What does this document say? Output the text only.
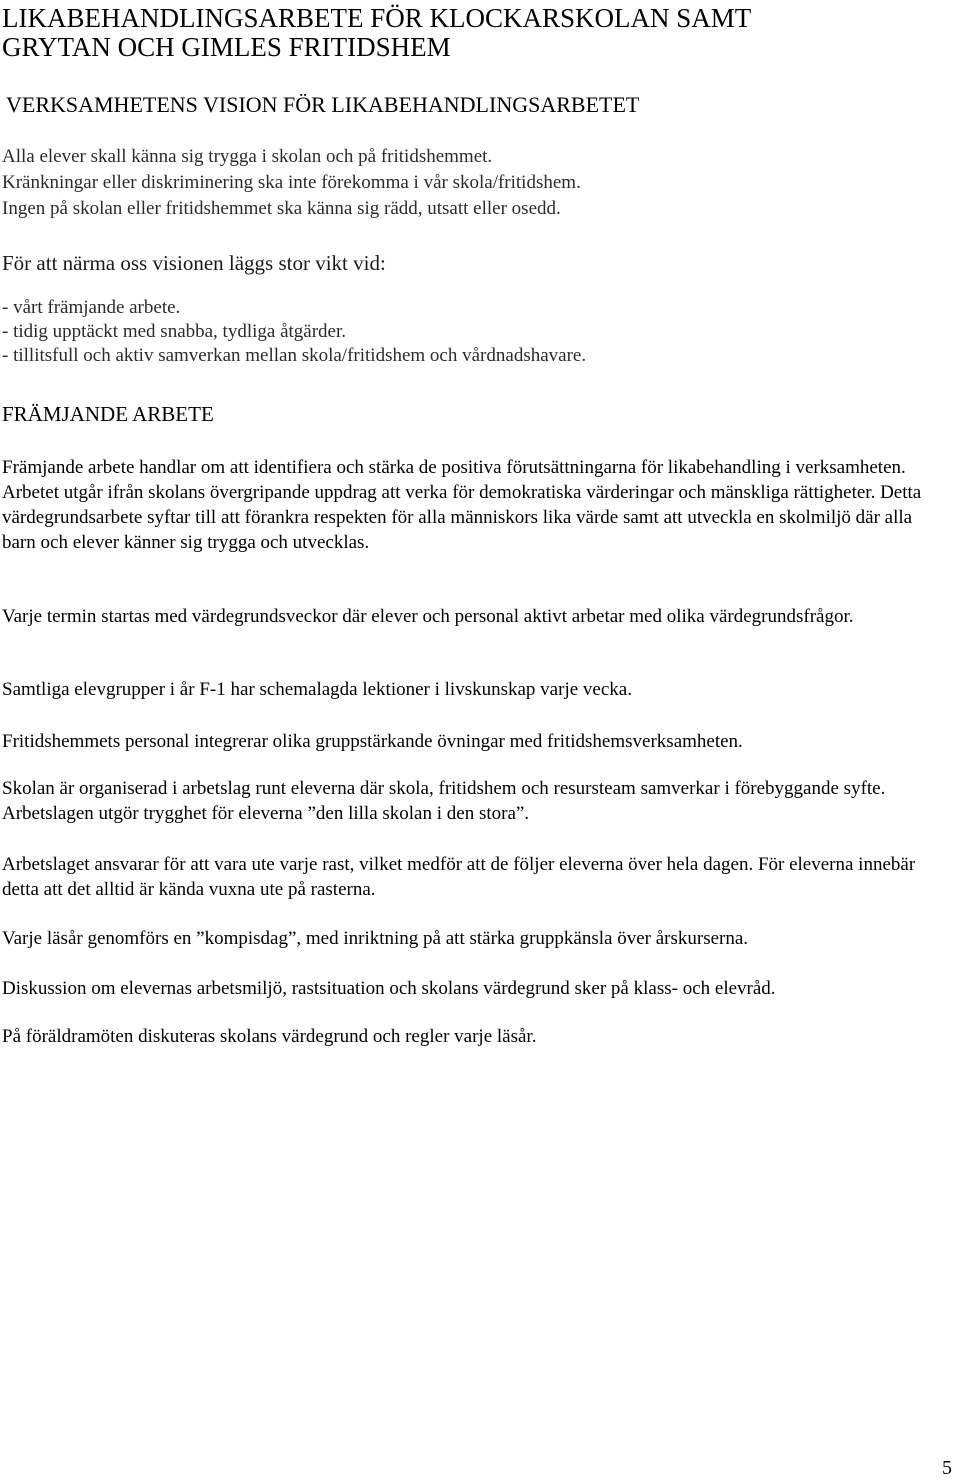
LIKABEHANDLINGSARBETE FÖR KLOCKARSKOLAN SAMT
GRYTAN OCH GIMLES FRITIDSHEM
VERKSAMHETENS VISION FÖR LIKABEHANDLINGSARBETET
Alla elever skall känna sig trygga i skolan och på fritidshemmet.
Kränkningar eller diskriminering ska inte förekomma i vår skola/fritidshem.
Ingen på skolan eller fritidshemmet ska känna sig rädd, utsatt eller osedd.
För att närma oss visionen läggs stor vikt vid:
- vårt främjande arbete.
- tidig upptäckt med snabba, tydliga åtgärder.
- tillitsfull och aktiv samverkan mellan skola/fritidshem och vårdnadshavare.
FRÄMJANDE ARBETE

Främjande arbete handlar om att identifiera och stärka de positiva förutsättningarna för likabehandling i verksamheten. Arbetet utgår ifrån skolans övergripande uppdrag att verka för demokratiska värderingar och mänskliga rättigheter. Detta värdegrundsarbete syftar till att förankra respekten för alla människors lika värde samt att utveckla en skolmiljö där alla barn och elever känner sig trygga och utvecklas.

Varje termin startas med värdegrundsveckor där elever och personal aktivt arbetar med olika värdegrundsfrågor.

Samtliga elevgrupper i år F-1 har schemalagda lektioner i livskunskap varje vecka.

Fritidshemmets personal integrerar olika gruppstärkande övningar med fritidshemsverksamheten.

Skolan är organiserad i arbetslag runt eleverna där skola, fritidshem och resursteam samverkar i förebyggande syfte. Arbetslagen utgör trygghet för eleverna ”den lilla skolan i den stora”.

Arbetslaget ansvarar för att vara ute varje rast, vilket medför att de följer eleverna över hela dagen. För eleverna innebär detta att det alltid är kända vuxna ute på rasterna.

Varje läsår genomförs en ”kompisdag”, med inriktning på att stärka gruppkänsla över årskurserna.

Diskussion om elevernas arbetsmiljö, rastsituation och skolans värdegrund sker på klass- och elevråd.

På föräldramöten diskuteras skolans värdegrund och regler varje läsår.

5
